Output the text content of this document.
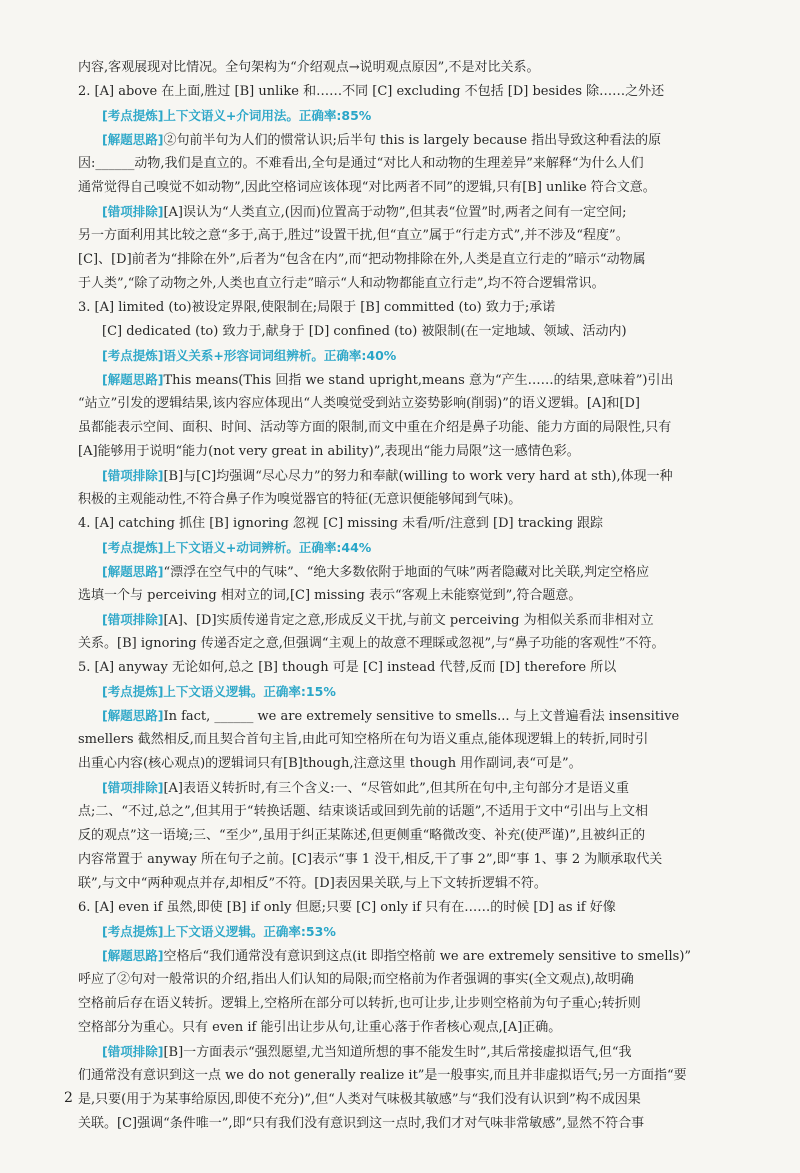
内容,客观展现对比情况。全句架构为“介绍观点→说明观点原因”,不是对比关系。
2. [A] above 在上面,胜过 [B] unlike 和……不同 [C] excluding 不包括 [D] besides 除……之外还
[考点提炼]上下文语义+介词用法。正确率:85%
[解题思路]②句前半句为人们的惯常认识;后半句 this is largely because 指出导致这种看法的原
因:______动物,我们是直立的。不难看出,全句是通过“对比人和动物的生理差异”来解释“为什么人们
通常觉得自己嗅觉不如动物”,因此空格词应该体现“对比两者不同”的逻辑,只有[B] unlike 符合文意。
[错项排除][A]误认为“人类直立,(因而)位置高于动物”,但其表“位置”时,两者之间有一定空间;
另一方面利用其比较之意“多于,高于,胜过”设置干扰,但“直立”属于“行走方式”,并不涉及“程度”。
[C]、[D]前者为“排除在外”,后者为“包含在内”,而“把动物排除在外,人类是直立行走的”暗示“动物属
于人类”,“除了动物之外,人类也直立行走”暗示“人和动物都能直立行走”,均不符合逻辑常识。
3. [A] limited (to)被设定界限,使限制在;局限于 [B] committed (to) 致力于;承诺
[C] dedicated (to) 致力于,献身于 [D] confined (to) 被限制(在一定地域、领域、活动内)
[考点提炼]语义关系+形容词词组辨析。正确率:40%
[解题思路]This means(This 回指 we stand upright,means 意为“产生……的结果,意味着”)引出
“站立”引发的逻辑结果,该内容应体现出“人类嗅觉受到站立姿势影响(削弱)”的语义逻辑。[A]和[D]
虽都能表示空间、面积、时间、活动等方面的限制,而文中重在介绍是鼻子功能、能力方面的局限性,只有
[A]能够用于说明“能力(not very great in ability)”,表现出“能力局限”这一感情色彩。
[错项排除][B]与[C]均强调“尽心尽力”的努力和奉献(willing to work very hard at sth),体现一种
积极的主观能动性,不符合鼻子作为嗅觉器官的特征(无意识便能够闻到气味)。
4. [A] catching 抓住 [B] ignoring 忽视 [C] missing 未看/听/注意到 [D] tracking 跟踪
[考点提炼]上下文语义+动词辨析。正确率:44%
[解题思路]“漂浮在空气中的气味”、“绝大多数依附于地面的气味”两者隐藏对比关联,判定空格应
选填一个与 perceiving 相对立的词,[C] missing 表示“客观上未能察觉到”,符合题意。
[错项排除][A]、[D]实质传递肯定之意,形成反义干扰,与前文 perceiving 为相似关系而非相对立
关系。[B] ignoring 传递否定之意,但强调“主观上的故意不理睬或忽视”,与“鼻子功能的客观性”不符。
5. [A] anyway 无论如何,总之 [B] though 可是 [C] instead 代替,反而 [D] therefore 所以
[考点提炼]上下文语义逻辑。正确率:15%
[解题思路]In fact, ______ we are extremely sensitive to smells... 与上文普遍看法 insensitive
smellers 截然相反,而且契合首句主旨,由此可知空格所在句为语义重点,能体现逻辑上的转折,同时引
出重心内容(核心观点)的逻辑词只有[B]though,注意这里 though 用作副词,表“可是”。
[错项排除][A]表语义转折时,有三个含义:一、“尽管如此”,但其所在句中,主句部分才是语义重
点;二、“不过,总之”,但其用于“转换话题、结束谈话或回到先前的话题”,不适用于文中“引出与上文相
反的观点”这一语境;三、“至少”,虽用于纠正某陈述,但更侧重“略微改变、补充(使严谨)”,且被纠正的
内容常置于 anyway 所在句子之前。[C]表示“事 1 没干,相反,干了事 2”,即“事 1、事 2 为顺承取代关
联”,与文中“两种观点并存,却相反”不符。[D]表因果关联,与上下文转折逻辑不符。
6. [A] even if 虽然,即使 [B] if only 但愿;只要 [C] only if 只有在……的时候 [D] as if 好像
[考点提炼]上下文语义逻辑。正确率:53%
[解题思路]空格后“我们通常没有意识到这点(it 即指空格前 we are extremely sensitive to smells)”
呼应了②句对一般常识的介绍,指出人们认知的局限;而空格前为作者强调的事实(全文观点),故明确
空格前后存在语义转折。逻辑上,空格所在部分可以转折,也可让步,让步则空格前为句子重心;转折则
空格部分为重心。只有 even if 能引出让步从句,让重心落于作者核心观点,[A]正确。
[错项排除][B]一方面表示“强烈愿望,尤当知道所想的事不能发生时”,其后常接虚拟语气,但“我
们通常没有意识到这一点 we do not generally realize it”是一般事实,而且并非虚拟语气;另一方面指“要
是,只要(用于为某事给原因,即使不充分)”,但“人类对气味极其敏感”与“我们没有认识到”构不成因果
关联。[C]强调“条件唯一”,即“只有我们没有意识到这一点时,我们才对气味非常敏感”,显然不符合事
2
